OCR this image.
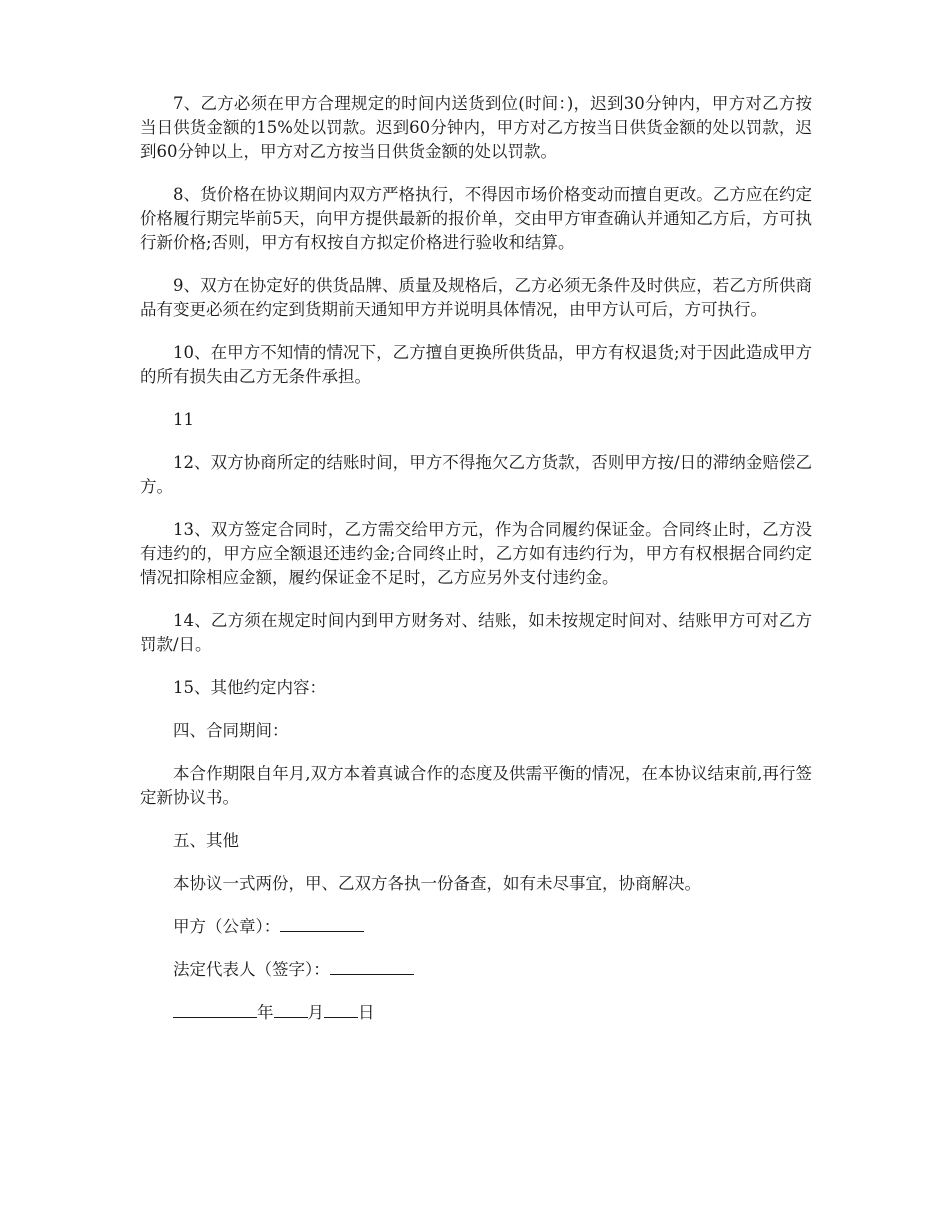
7、乙方必须在甲方合理规定的时间内送货到位(时间：)，迟到30分钟内，甲方对乙方按当日供货金额的15%处以罚款。迟到60分钟内，甲方对乙方按当日供货金额的处以罚款，迟到60分钟以上，甲方对乙方按当日供货金额的处以罚款。

8、货价格在协议期间内双方严格执行，不得因市场价格变动而擅自更改。乙方应在约定价格履行期完毕前5天，向甲方提供最新的报价单，交由甲方审查确认并通知乙方后，方可执行新价格;否则，甲方有权按自方拟定价格进行验收和结算。

9、双方在协定好的供货品牌、质量及规格后，乙方必须无条件及时供应，若乙方所供商品有变更必须在约定到货期前天通知甲方并说明具体情况，由甲方认可后，方可执行。

10、在甲方不知情的情况下，乙方擅自更换所供货品，甲方有权退货;对于因此造成甲方的所有损失由乙方无条件承担。

11

12、双方协商所定的结账时间，甲方不得拖欠乙方货款，否则甲方按/日的滞纳金赔偿乙方。

13、双方签定合同时，乙方需交给甲方元，作为合同履约保证金。合同终止时，乙方没有违约的，甲方应全额退还违约金;合同终止时，乙方如有违约行为，甲方有权根据合同约定情况扣除相应金额，履约保证金不足时，乙方应另外支付违约金。

14、乙方须在规定时间内到甲方财务对、结账，如未按规定时间对、结账甲方可对乙方罚款/日。

15、其他约定内容：

四、合同期间：

本合作期限自年月,双方本着真诚合作的态度及供需平衡的情况，在本协议结束前,再行签定新协议书。

五、其他

本协议一式两份，甲、乙双方各执一份备查，如有未尽事宜，协商解决。

甲方（公章）：
法定代表人（签字）：
年 月 日
